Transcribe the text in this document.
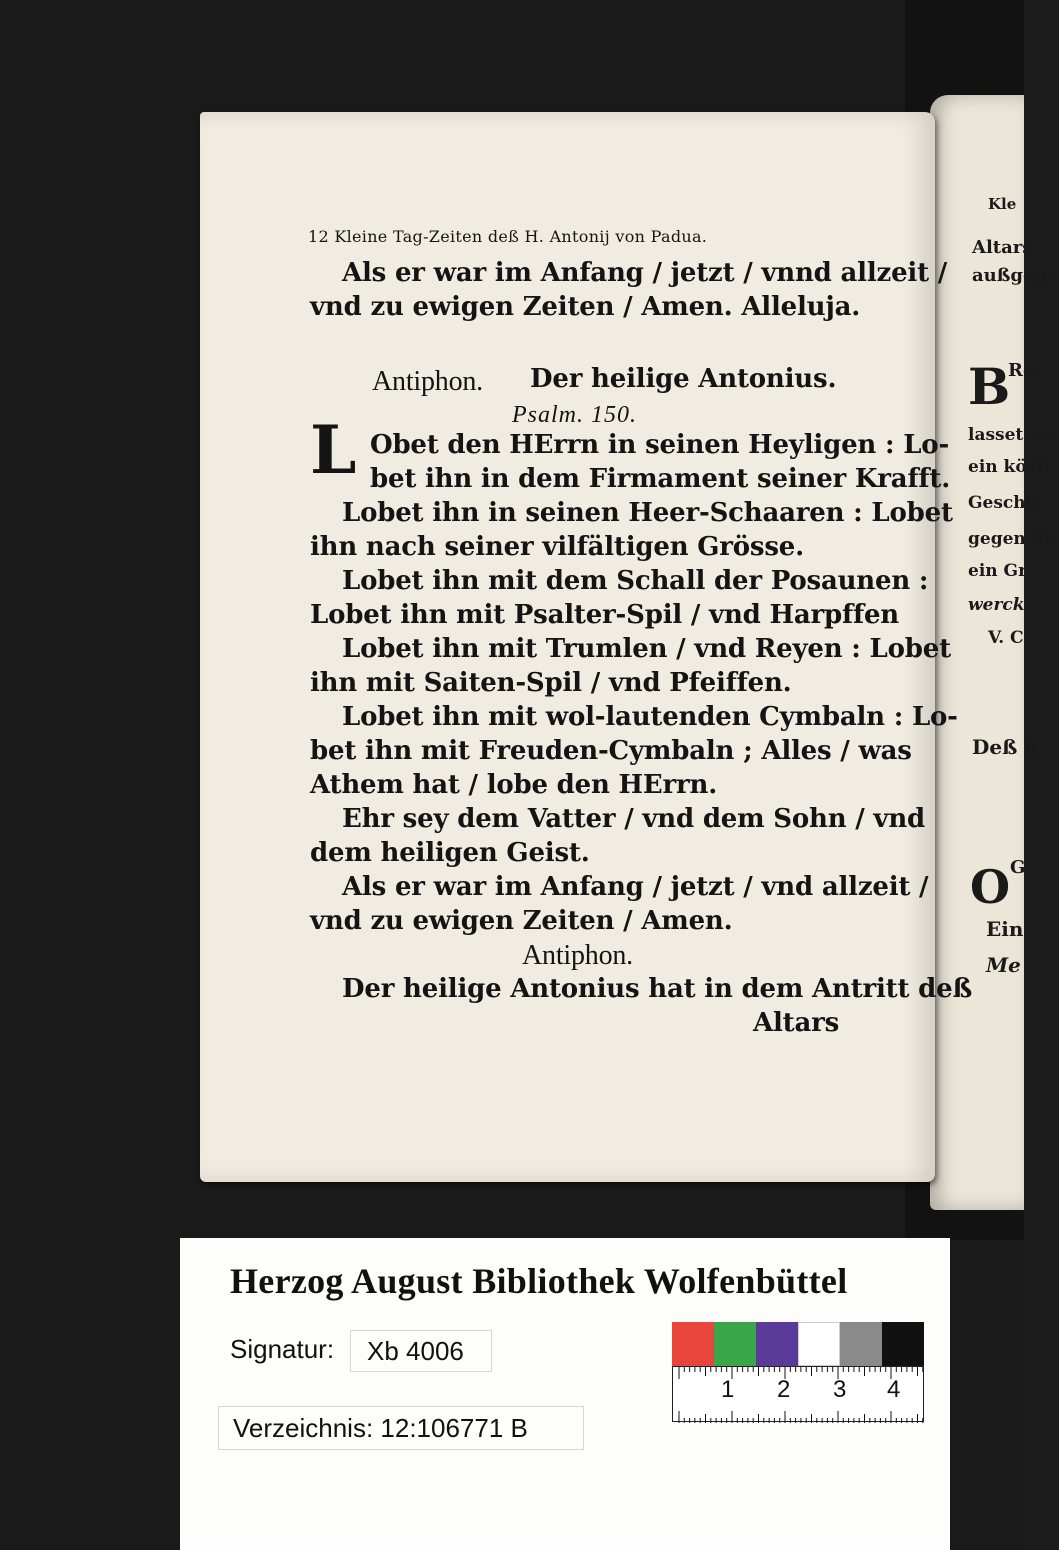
Kle
Altars
außgege
B
Ro
lasset vn
ein köstl
Geschir
gegen de
ein Gr
werck
V. C
Deß h
O G
Ein
Me
12 Kleine Tag-Zeiten deß H. Antonij von Padua.
Als er war im Anfang / jetzt / vnnd allzeit /
vnd zu ewigen Zeiten / Amen. Alleluja.
Antiphon. Der heilige Antonius.
Psalm. 150.
L Obet den HErrn in seinen Heyligen : Lo-
bet ihn in dem Firmament seiner Krafft.
Lobet ihn in seinen Heer-Schaaren : Lobet
ihn nach seiner vilfältigen Grösse.
Lobet ihn mit dem Schall der Posaunen :
Lobet ihn mit Psalter-Spil / vnd Harpffen
Lobet ihn mit Trumlen / vnd Reyen : Lobet
ihn mit Saiten-Spil / vnd Pfeiffen.
Lobet ihn mit wol-lautenden Cymbaln : Lo-
bet ihn mit Freuden-Cymbaln ; Alles / was
Athem hat / lobe den HErrn.
Ehr sey dem Vatter / vnd dem Sohn / vnd
dem heiligen Geist.
Als er war im Anfang / jetzt / vnd allzeit /
vnd zu ewigen Zeiten / Amen.
Antiphon.
Der heilige Antonius hat in dem Antritt deß
Altars
Herzog August Bibliothek Wolfenbüttel
Signatur: Xb 4006
Verzeichnis: 12:106771 B
1 2 3 4
